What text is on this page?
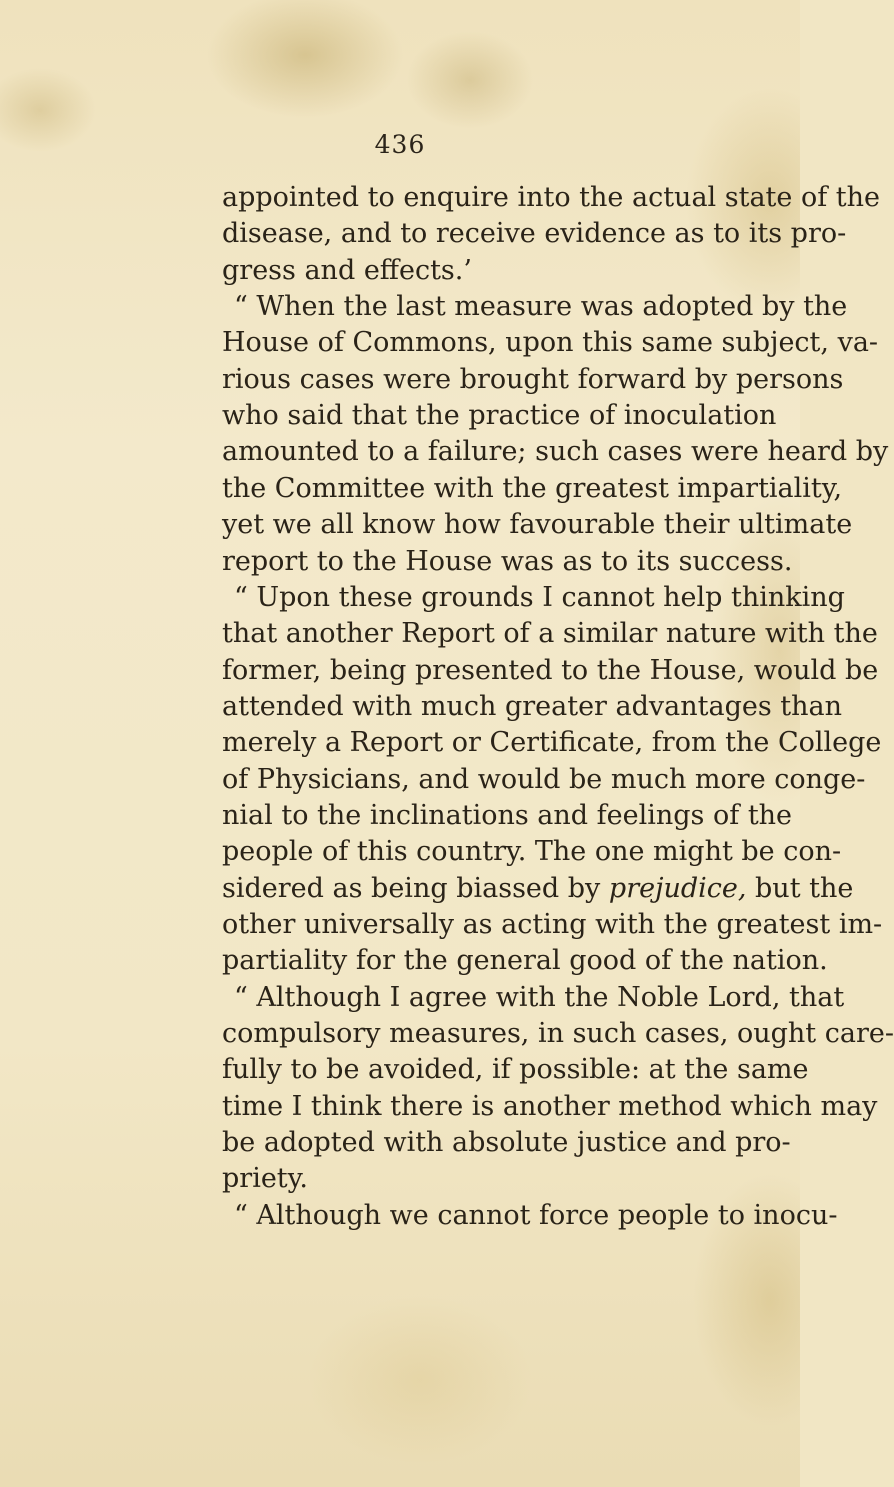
436
appointed to enquire into the actual state of the
disease, and to receive evidence as to its pro-
gress and effects.’
“ When the last measure was adopted by the
House of Commons, upon this same subject, va-
rious cases were brought forward by persons
who said that the practice of inoculation
amounted to a failure; such cases were heard by
the Committee with the greatest impartiality,
yet we all know how favourable their ultimate
report to the House was as to its success.
“ Upon these grounds I cannot help thinking
that another Report of a similar nature with the
former, being presented to the House, would be
attended with much greater advantages than
merely a Report or Certificate, from the College
of Physicians, and would be much more conge-
nial to the inclinations and feelings of the
people of this country. The one might be con-
sidered as being biassed by prejudice, but the
other universally as acting with the greatest im-
partiality for the general good of the nation.
“ Although I agree with the Noble Lord, that
compulsory measures, in such cases, ought care-
fully to be avoided, if possible: at the same
time I think there is another method which may
be adopted with absolute justice and pro-
priety.
“ Although we cannot force people to inocu-
